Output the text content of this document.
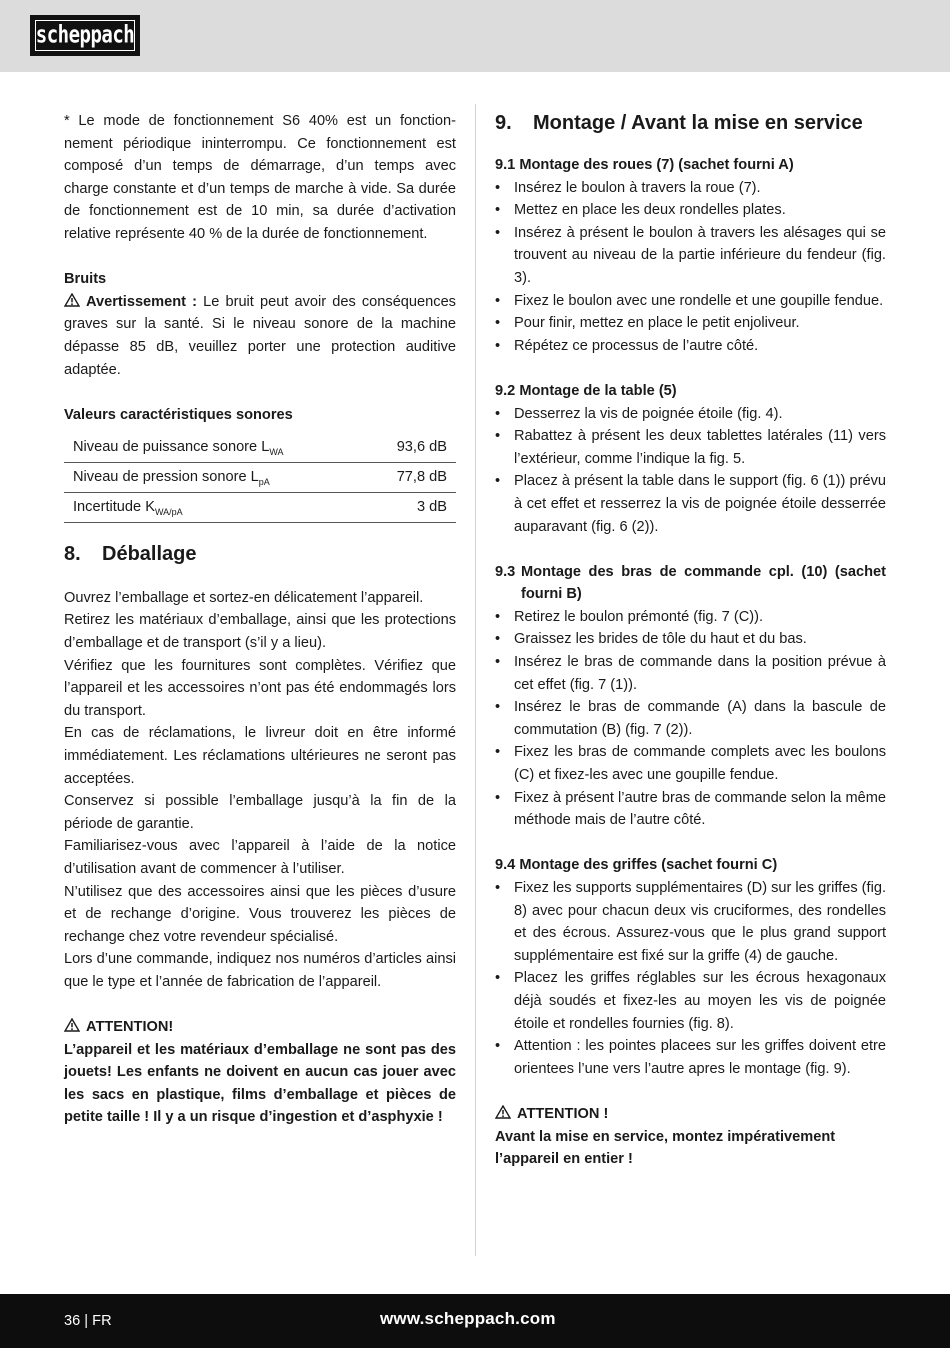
scheppach

* Le mode de fonctionnement S6 40% est un fonctionnement périodique ininterrompu. Ce fonctionnement est composé d’un temps de démarrage, d’un temps avec charge constante et d’un temps de marche à vide. Sa durée de fonctionnement est de 10 min, sa durée d’activation relative représente 40 % de la durée de fonctionnement.

Bruits

Avertissement : Le bruit peut avoir des conséquences graves sur la santé. Si le niveau sonore de la machine dépasse 85 dB, veuillez porter une protection auditive adaptée.

Valeurs caractéristiques sonores

Niveau de puissance sonore $L_{WA}$	93,6 dB
Niveau de pression sonore $L_{pA}$	77,8 dB
Incertitude $K_{WA/pA}$	3 dB
8.	Déballage

Ouvrez l’emballage et sortez-en délicatement l’appareil.

Retirez les matériaux d’emballage, ainsi que les protections d’emballage et de transport (s’il y a lieu).

Vérifiez que les fournitures sont complètes. Vérifiez que l’appareil et les accessoires n’ont pas été endommagés lors du transport.

En cas de réclamations, le livreur doit en être informé immédiatement. Les réclamations ultérieures ne seront pas acceptées.

Conservez si possible l’emballage jusqu’à la fin de la période de garantie.

Familiarisez-vous avec l’appareil à l’aide de la notice d’utilisation avant de commencer à l’utiliser.

N’utilisez que des accessoires ainsi que les pièces d’usure et de rechange d’origine. Vous trouverez les pièces de rechange chez votre revendeur spécialisé.

Lors d’une commande, indiquez nos numéros d’articles ainsi que le type et l’année de fabrication de l’appareil.

ATTENTION!

L’appareil et les matériaux d’emballage ne sont pas des jouets! Les enfants ne doivent en aucun cas jouer avec les sacs en plastique, films d’emballage et pièces de petite taille ! Il y a un risque d’ingestion et d’asphyxie !

9.	Montage / Avant la mise en service

9.1 Montage des roues (7) (sachet fourni A)

• Insérez le boulon à travers la roue (7).
• Mettez en place les deux rondelles plates.
• Insérez à présent le boulon à travers les alésages qui se trouvent au niveau de la partie inférieure du fendeur (fig. 3).
• Fixez le boulon avec une rondelle et une goupille fendue.
• Pour finir, mettez en place le petit enjoliveur.
• Répétez ce processus de l’autre côté.

9.2 Montage de la table (5)

• Desserrez la vis de poignée étoile (fig. 4).
• Rabattez à présent les deux tablettes latérales (11) vers l’extérieur, comme l’indique la fig. 5.
• Placez à présent la table dans le support (fig. 6 (1)) prévu à cet effet et resserrez la vis de poignée étoile desserrée auparavant (fig. 6 (2)).
9.3 Montage des bras de commande cpl. (10) (sachet fourni B)
• Retirez le boulon prémonté (fig. 7 (C)).
• Graissez les brides de tôle du haut et du bas.
• Insérez le bras de commande dans la position prévue à cet effet (fig. 7 (1)).
• Insérez le bras de commande (A) dans la bascule de commutation (B) (fig. 7 (2)).
• Fixez les bras de commande complets avec les boulons (C) et fixez-les avec une goupille fendue.
• Fixez à présent l’autre bras de commande selon la même méthode mais de l’autre côté.

9.4 Montage des griffes (sachet fourni C)

• Fixez les supports supplémentaires (D) sur les griffes (fig. 8) avec pour chacun deux vis cruciformes, des rondelles et des écrous. Assurez-vous que le plus grand support supplémentaire est fixé sur la griffe (4) de gauche.
• Placez les griffes réglables sur les écrous hexagonaux déjà soudés et fixez-les au moyen les vis de poignée étoile et rondelles fournies (fig. 8).
• Attention : les pointes placees sur les griffes doivent etre orientees l’une vers l’autre apres le montage (fig. 9).

ATTENTION !

Avant la mise en service, montez impérativement l’appareil en entier !

36 | FR	www.scheppach.com
